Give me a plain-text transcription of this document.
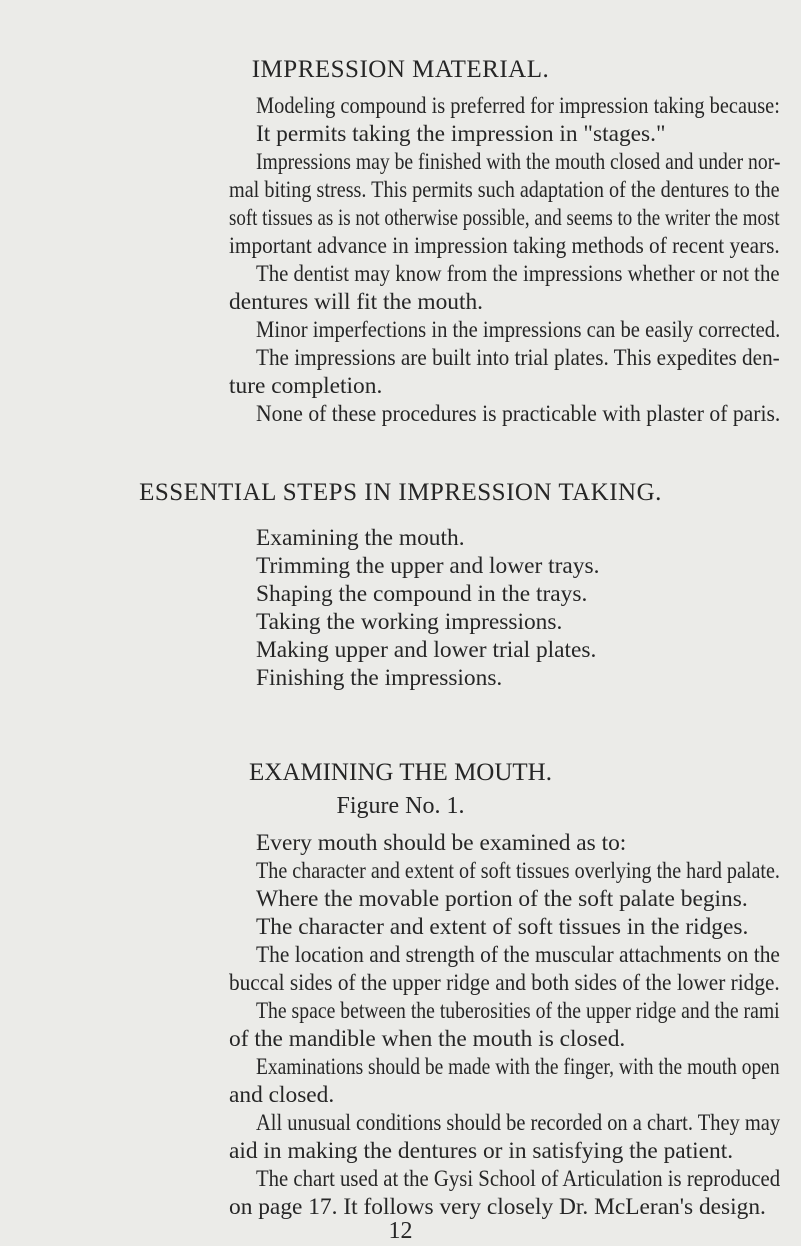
IMPRESSION MATERIAL.
Modeling compound is preferred for impression taking because:
It permits taking the impression in "stages."
Impressions may be finished with the mouth closed and under nor-
mal biting stress. This permits such adaptation of the dentures to the
soft tissues as is not otherwise possible, and seems to the writer the most
important advance in impression taking methods of recent years.
The dentist may know from the impressions whether or not the
dentures will fit the mouth.
Minor imperfections in the impressions can be easily corrected.
The impressions are built into trial plates. This expedites den-
ture completion.
None of these procedures is practicable with plaster of paris.
ESSENTIAL STEPS IN IMPRESSION TAKING.
Examining the mouth.
Trimming the upper and lower trays.
Shaping the compound in the trays.
Taking the working impressions.
Making upper and lower trial plates.
Finishing the impressions.
EXAMINING THE MOUTH.
Figure No. 1.
Every mouth should be examined as to:
The character and extent of soft tissues overlying the hard palate.
Where the movable portion of the soft palate begins.
The character and extent of soft tissues in the ridges.
The location and strength of the muscular attachments on the
buccal sides of the upper ridge and both sides of the lower ridge.
The space between the tuberosities of the upper ridge and the rami
of the mandible when the mouth is closed.
Examinations should be made with the finger, with the mouth open
and closed.
All unusual conditions should be recorded on a chart. They may
aid in making the dentures or in satisfying the patient.
The chart used at the Gysi School of Articulation is reproduced
on page 17. It follows very closely Dr. McLeran's design.
12
